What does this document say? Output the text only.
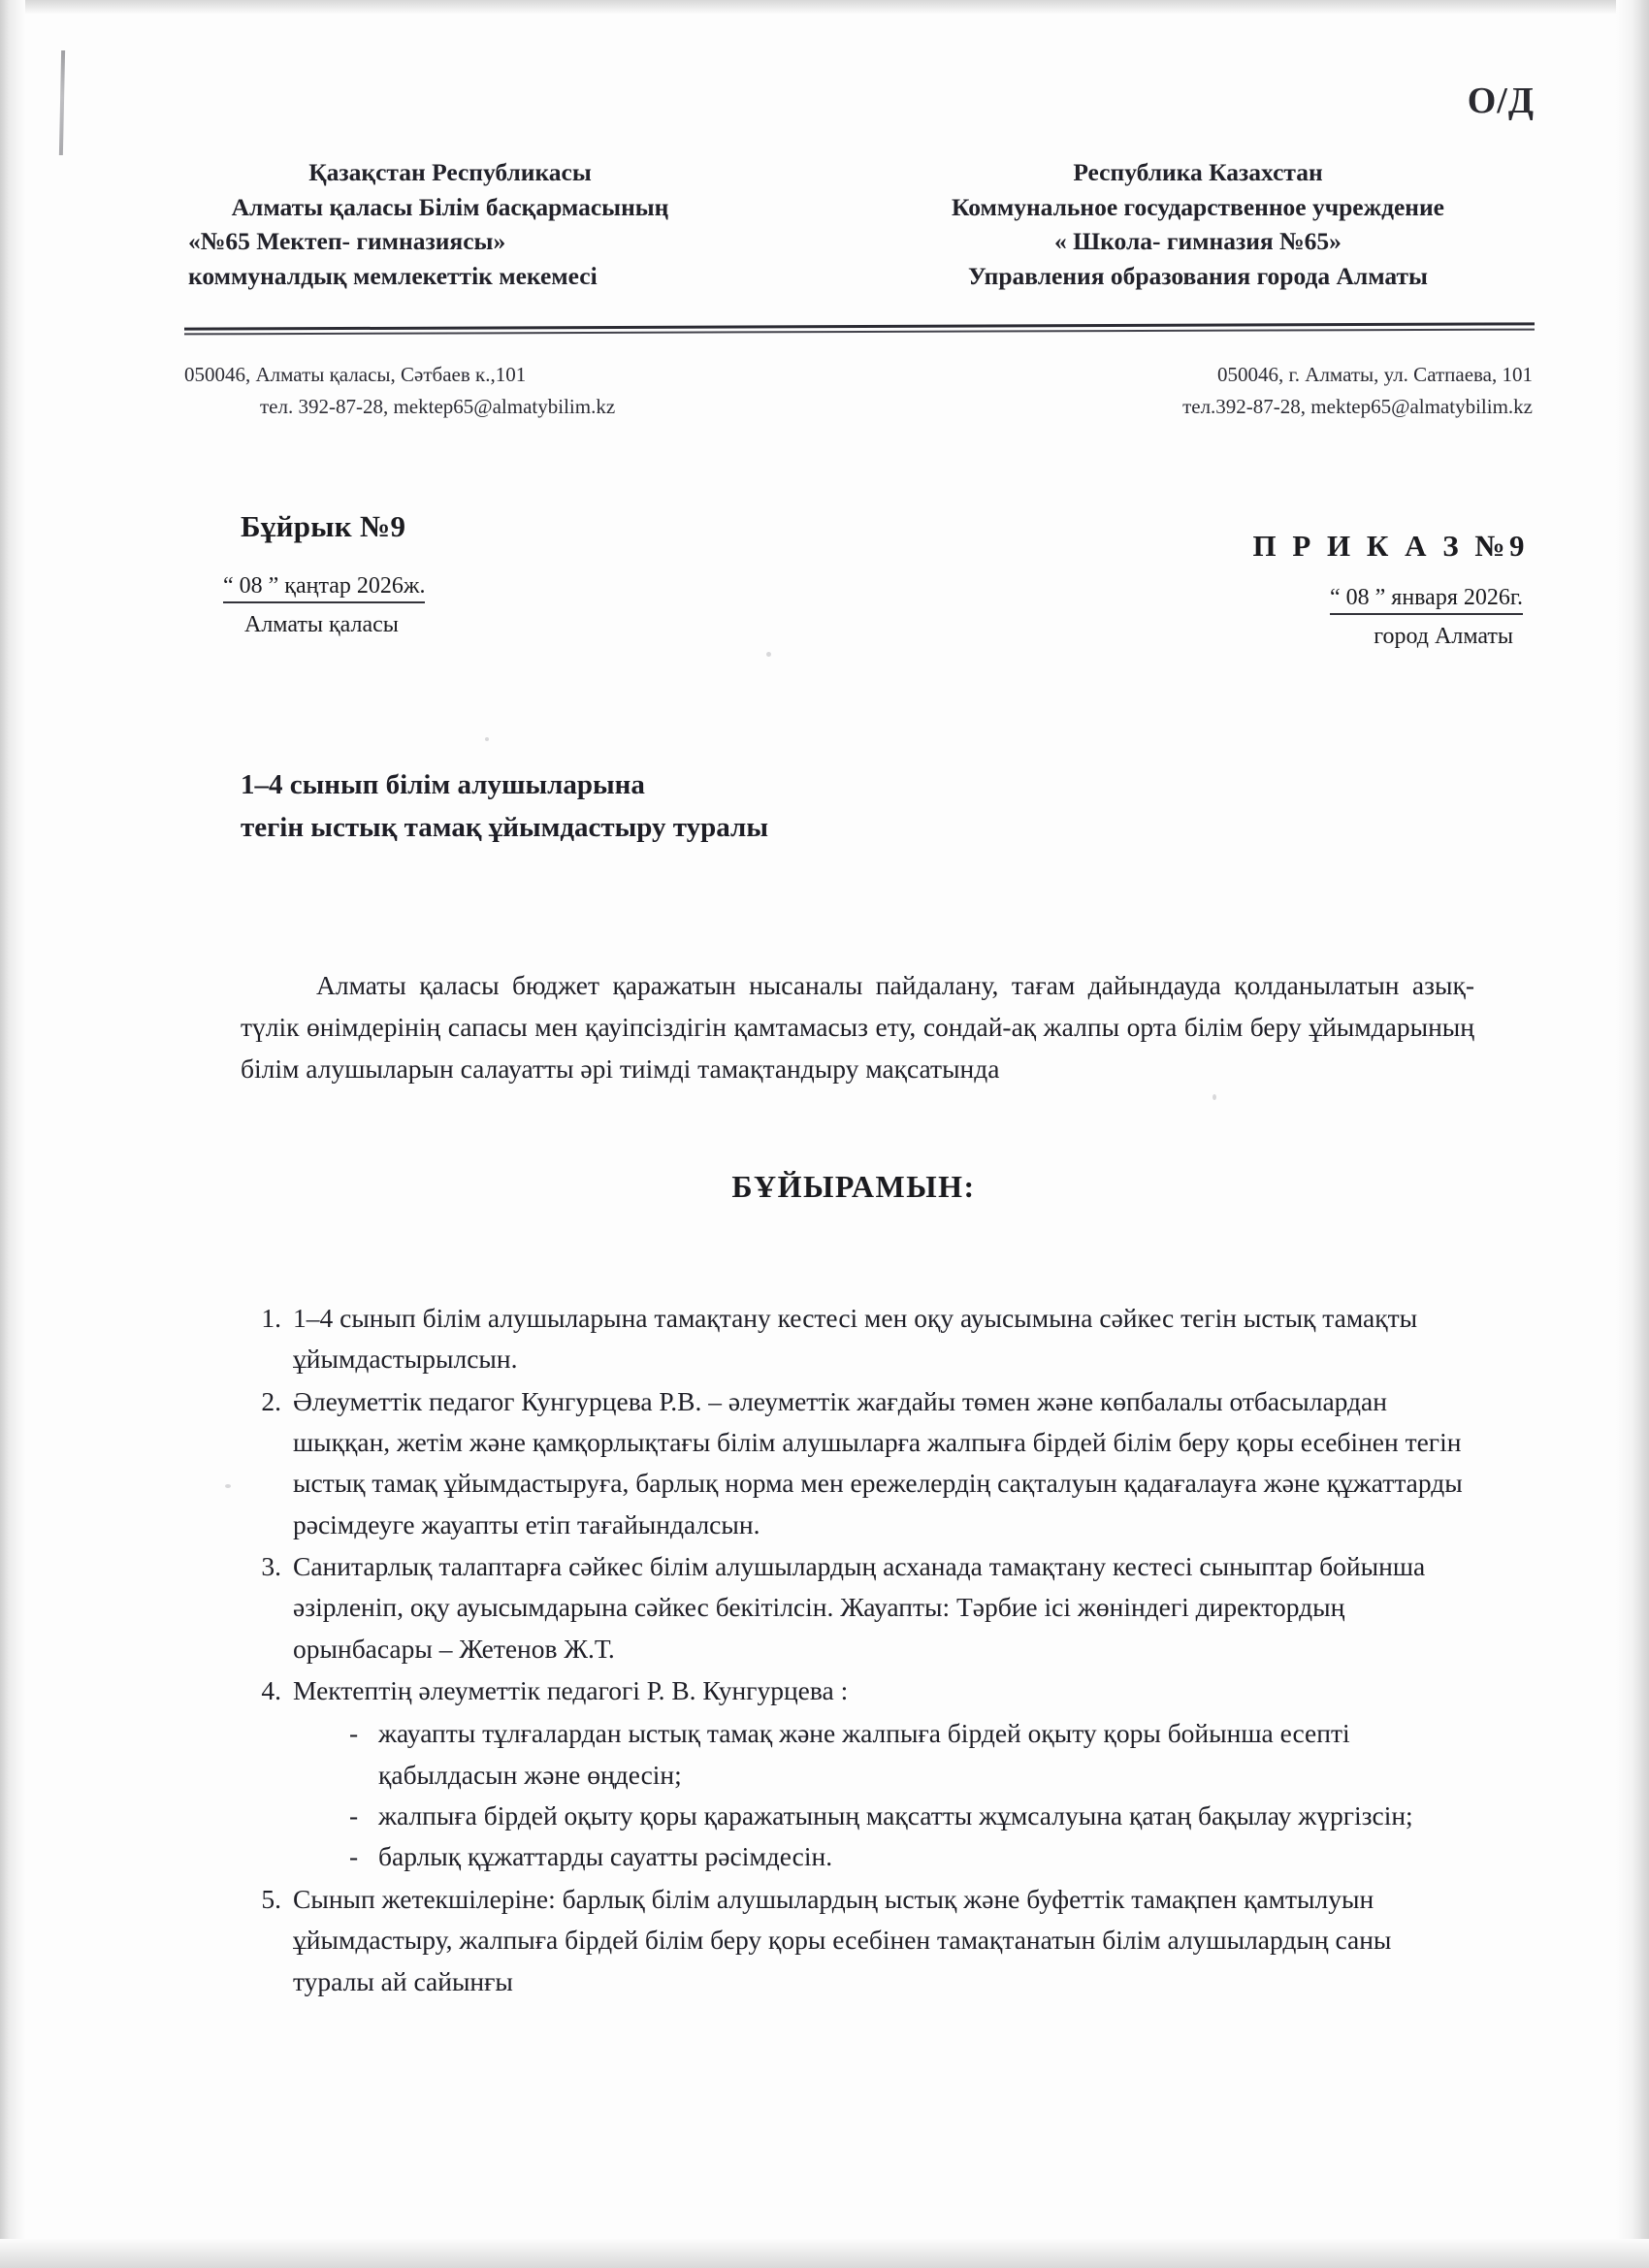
О/Д
Қазақстан Республикасы
Алматы қаласы Білім басқармасының
«№65 Мектеп- гимназиясы»
коммуналдық мемлекеттік мекемесі
Республика Казахстан
Коммунальное государственное учреждение
« Школа- гимназия №65»
Управления образования города Алматы
050046, Алматы қаласы, Сәтбаев к.,101
тел. 392-87-28, mektep65@almatybilim.kz
050046, г. Алматы, ул. Сатпаева, 101
тел.392-87-28, mektep65@almatybilim.kz
Бұйрык №9
“ 08 ” қаңтар 2026ж.
Алматы қаласы
П Р И К А З №9
“ 08 ” января 2026г.
город Алматы
1–4 сынып білім алушыларына
тегін ыстық тамақ ұйымдастыру туралы
Алматы қаласы бюджет қаражатын нысаналы пайдалану, тағам дайындауда қолданылатын азық-түлік өнімдерінің сапасы мен қауіпсіздігін қамтамасыз ету, сондай-ақ жалпы орта білім беру ұйымдарының білім алушыларын салауатты әрі тиімді тамақтандыру мақсатында
БҰЙЫРАМЫН:
1. 1–4 сынып білім алушыларына тамақтану кестесі мен оқу ауысымына сәйкес тегін ыстық тамақты ұйымдастырылсын.
2. Әлеуметтік педагог Кунгурцева Р.В. – әлеуметтік жағдайы төмен және көпбалалы отбасылардан шыққан, жетім және қамқорлықтағы білім алушыларға жалпыға бірдей білім беру қоры есебінен тегін ыстық тамақ ұйымдастыруға, барлық норма мен ережелердің сақталуын қадағалауға және құжаттарды рәсімдеуге жауапты етіп тағайындалсын.
3. Санитарлық талаптарға сәйкес білім алушылардың асханада тамақтану кестесі сыныптар бойынша әзірленіп, оқу ауысымдарына сәйкес бекітілсін. Жауапты: Тәрбие ісі жөніндегі директордың орынбасары – Жетенов Ж.Т.
4. Мектептің әлеуметтік педагогі Р. В. Кунгурцева :
- жауапты тұлғалардан ыстық тамақ және жалпыға бірдей оқыту қоры бойынша есепті қабылдасын және өңдесін;
- жалпыға бірдей оқыту қоры қаражатының мақсатты жұмсалуына қатаң бақылау жүргізсін;
- барлық құжаттарды сауатты рәсімдесін.
5. Сынып жетекшілеріне: барлық білім алушылардың ыстық және буфеттік тамақпен қамтылуын ұйымдастыру, жалпыға бірдей білім беру қоры есебінен тамақтанатын білім алушылардың саны туралы ай сайынғы
